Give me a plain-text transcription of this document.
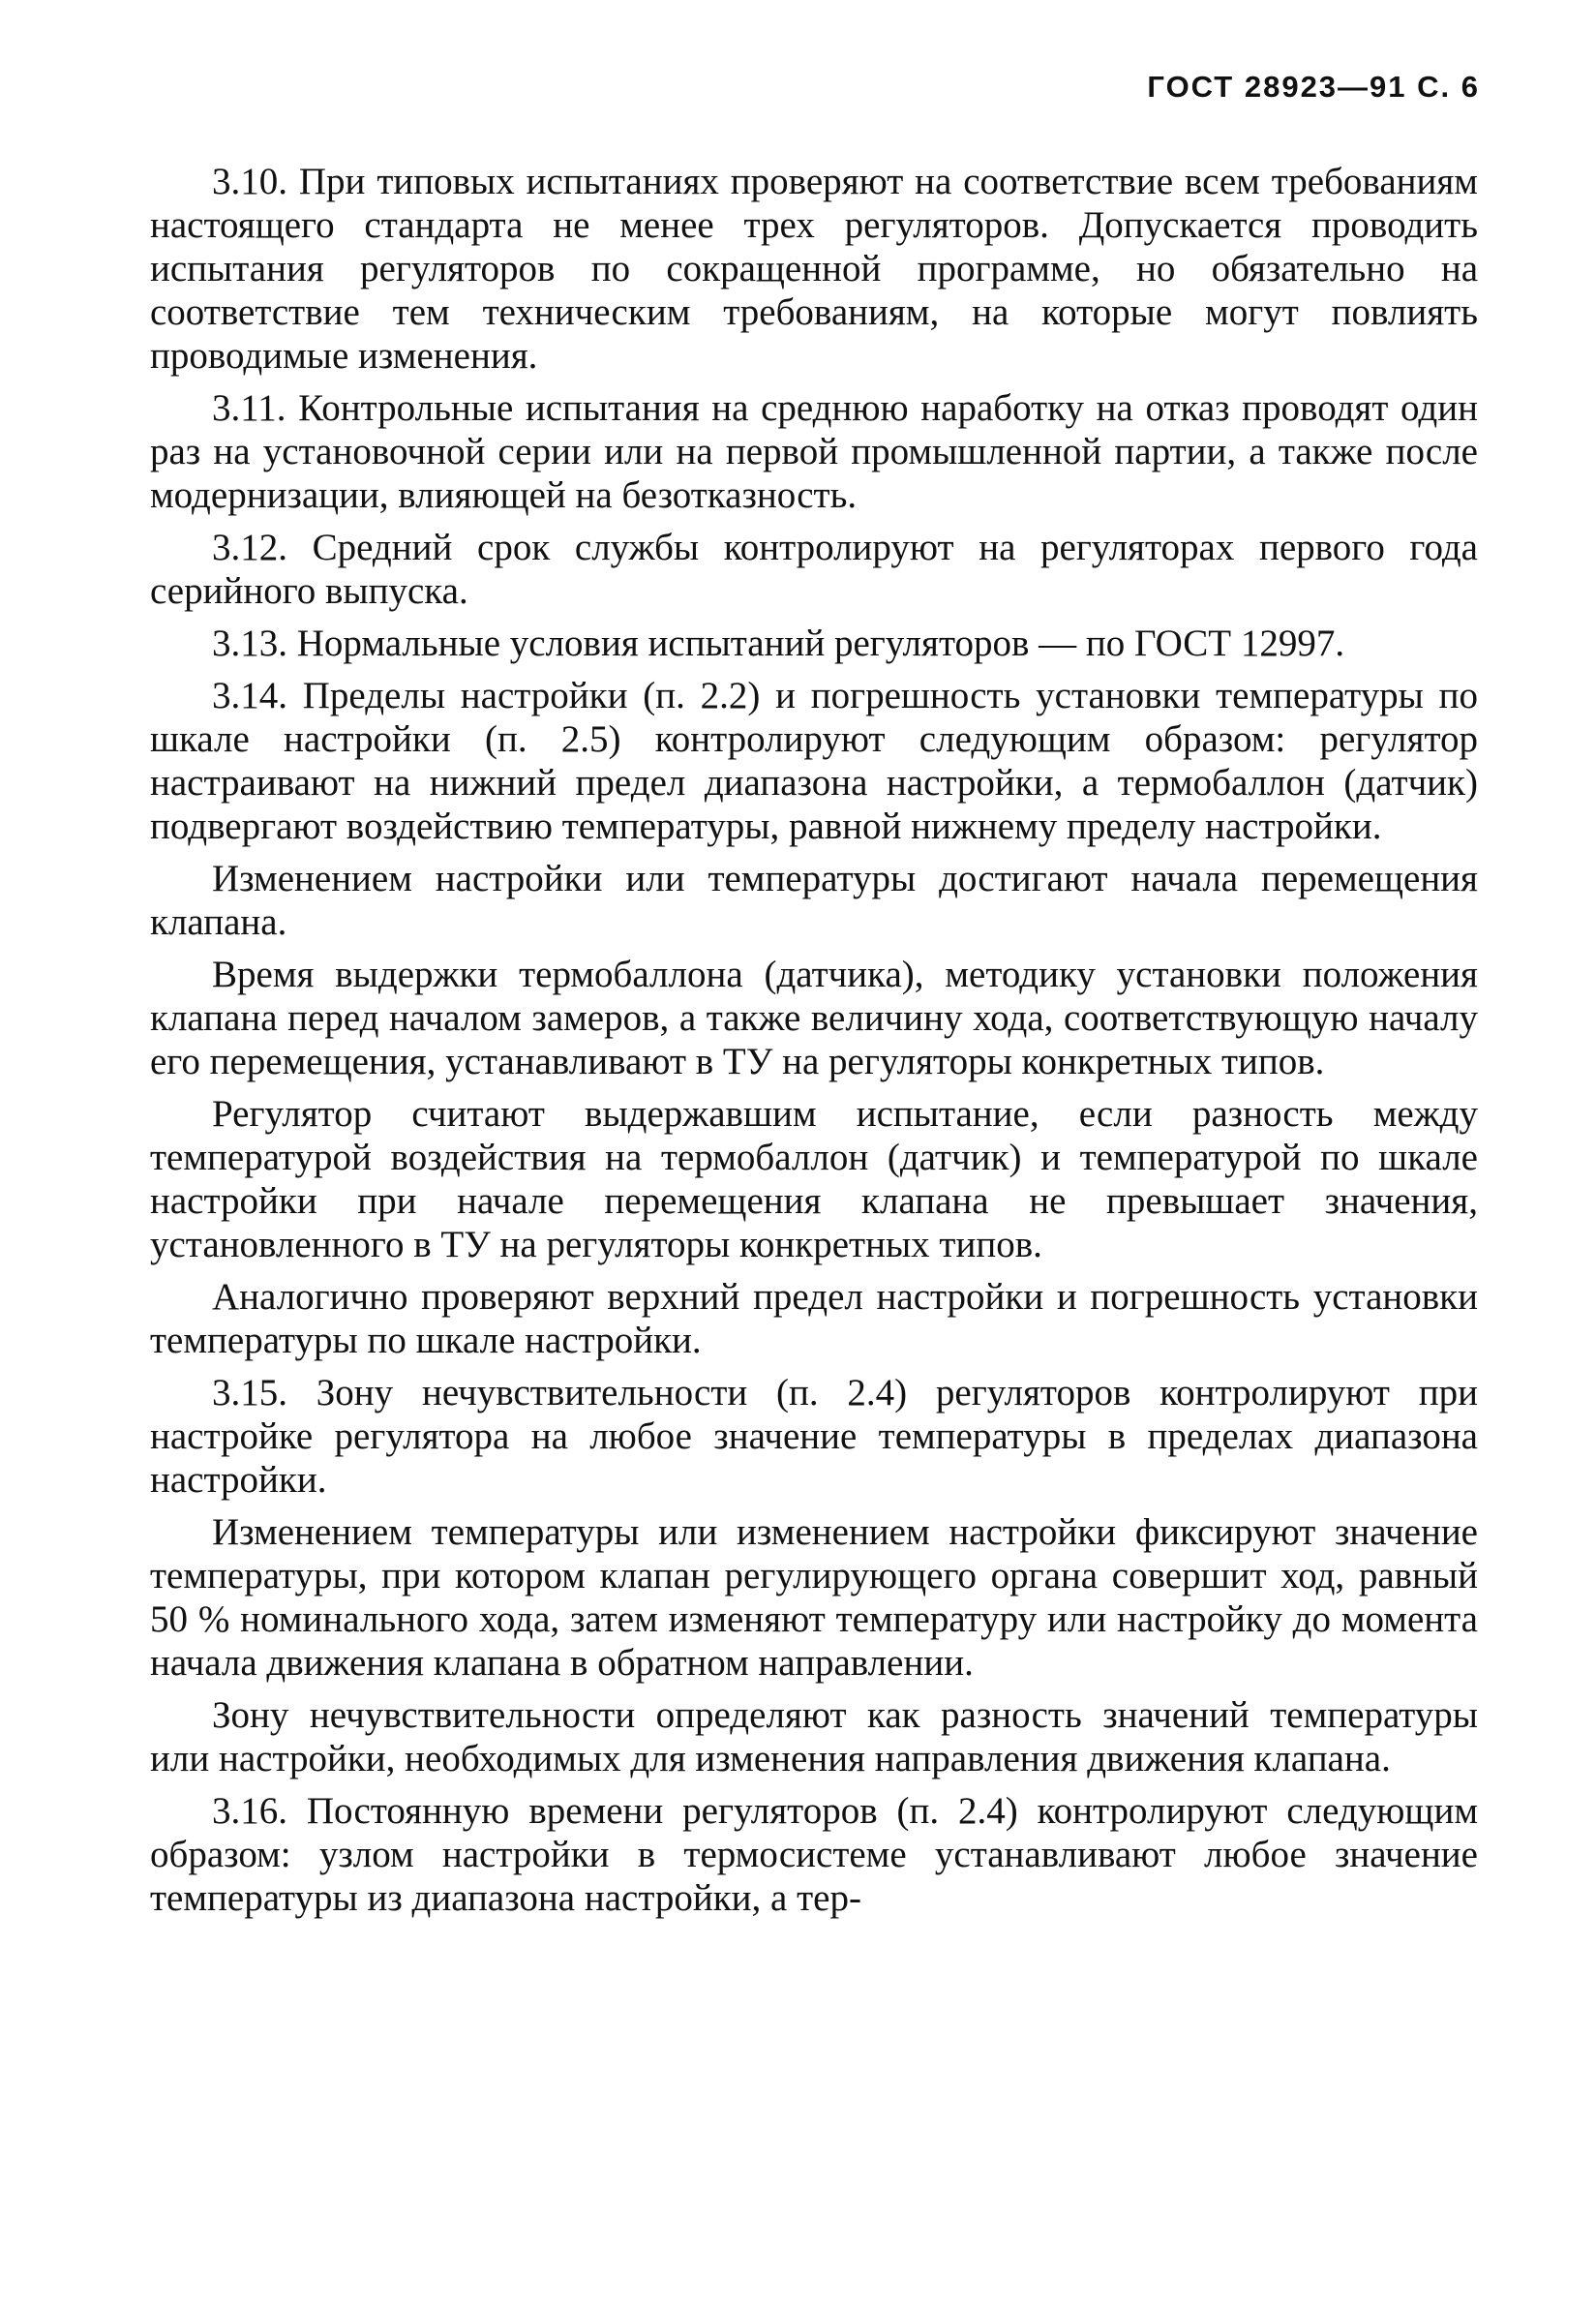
ГОСТ 28923—91 С. 6

3.10. При типовых испытаниях проверяют на соответствие всем требованиям настоящего стандарта не менее трех регуляторов. Допускается проводить испытания регуляторов по сокращенной программе, но обязательно на соответствие тем техническим требованиям, на которые могут повлиять проводимые изменения.

3.11. Контрольные испытания на среднюю наработку на отказ проводят один раз на установочной серии или на первой промышленной партии, а также после модернизации, влияющей на безотказность.

3.12. Средний срок службы контролируют на регуляторах первого года серийного выпуска.

3.13. Нормальные условия испытаний регуляторов — по ГОСТ 12997.

3.14. Пределы настройки (п. 2.2) и погрешность установки температуры по шкале настройки (п. 2.5) контролируют следующим образом: регулятор настраивают на нижний предел диапазона настройки, а термобаллон (датчик) подвергают воздействию температуры, равной нижнему пределу настройки.

Изменением настройки или температуры достигают начала перемещения клапана.

Время выдержки термобаллона (датчика), методику установки положения клапана перед началом замеров, а также величину хода, соответствующую началу его перемещения, устанавливают в ТУ на регуляторы конкретных типов.

Регулятор считают выдержавшим испытание, если разность между температурой воздействия на термобаллон (датчик) и температурой по шкале настройки при начале перемещения клапана не превышает значения, установленного в ТУ на регуляторы конкретных типов.

Аналогично проверяют верхний предел настройки и погрешность установки температуры по шкале настройки.

3.15. Зону нечувствительности (п. 2.4) регуляторов контролируют при настройке регулятора на любое значение температуры в пределах диапазона настройки.

Изменением температуры или изменением настройки фиксируют значение температуры, при котором клапан регулирующего органа совершит ход, равный 50 % номинального хода, затем изменяют температуру или настройку до момента начала движения клапана в обратном направлении.

Зону нечувствительности определяют как разность значений температуры или настройки, необходимых для изменения направления движения клапана.

3.16. Постоянную времени регуляторов (п. 2.4) контролируют следующим образом: узлом настройки в термосистеме устанавливают любое значение температуры из диапазона настройки, а тер-
